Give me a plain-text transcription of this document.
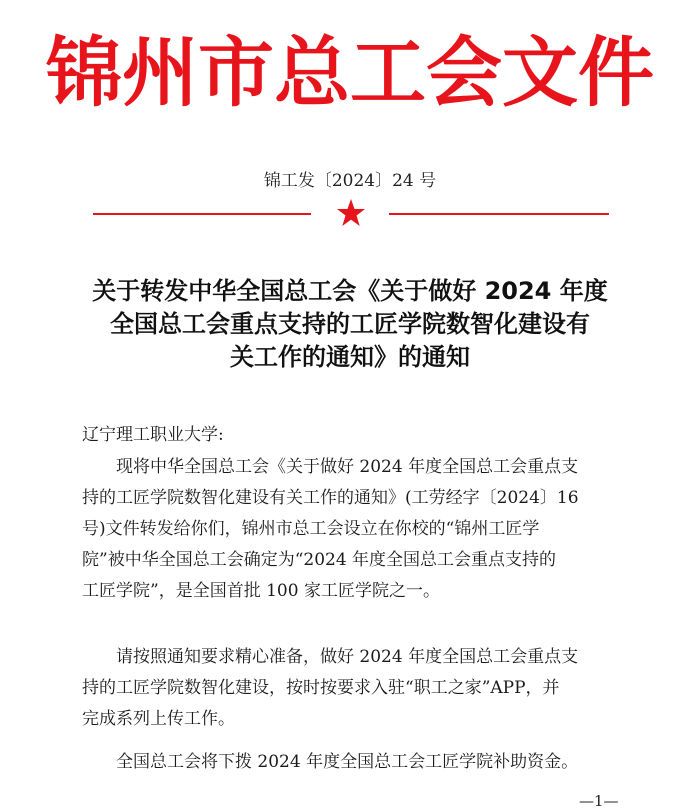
锦州市总工会文件
锦工发〔2024〕24 号
关于转发中华全国总工会《关于做好 2024 年度
全国总工会重点支持的工匠学院数智化建设有
关工作的通知》的通知
辽宁理工职业大学:
现将中华全国总工会《关于做好 2024 年度全国总工会重点支
持的工匠学院数智化建设有关工作的通知》(工劳经字〔2024〕16
号)文件转发给你们，锦州市总工会设立在你校的“锦州工匠学
院”被中华全国总工会确定为“2024 年度全国总工会重点支持的
工匠学院”，是全国首批 100 家工匠学院之一。
请按照通知要求精心准备，做好 2024 年度全国总工会重点支
持的工匠学院数智化建设，按时按要求入驻“职工之家”APP，并
完成系列上传工作。
全国总工会将下拨 2024 年度全国总工会工匠学院补助资金。
—1—
